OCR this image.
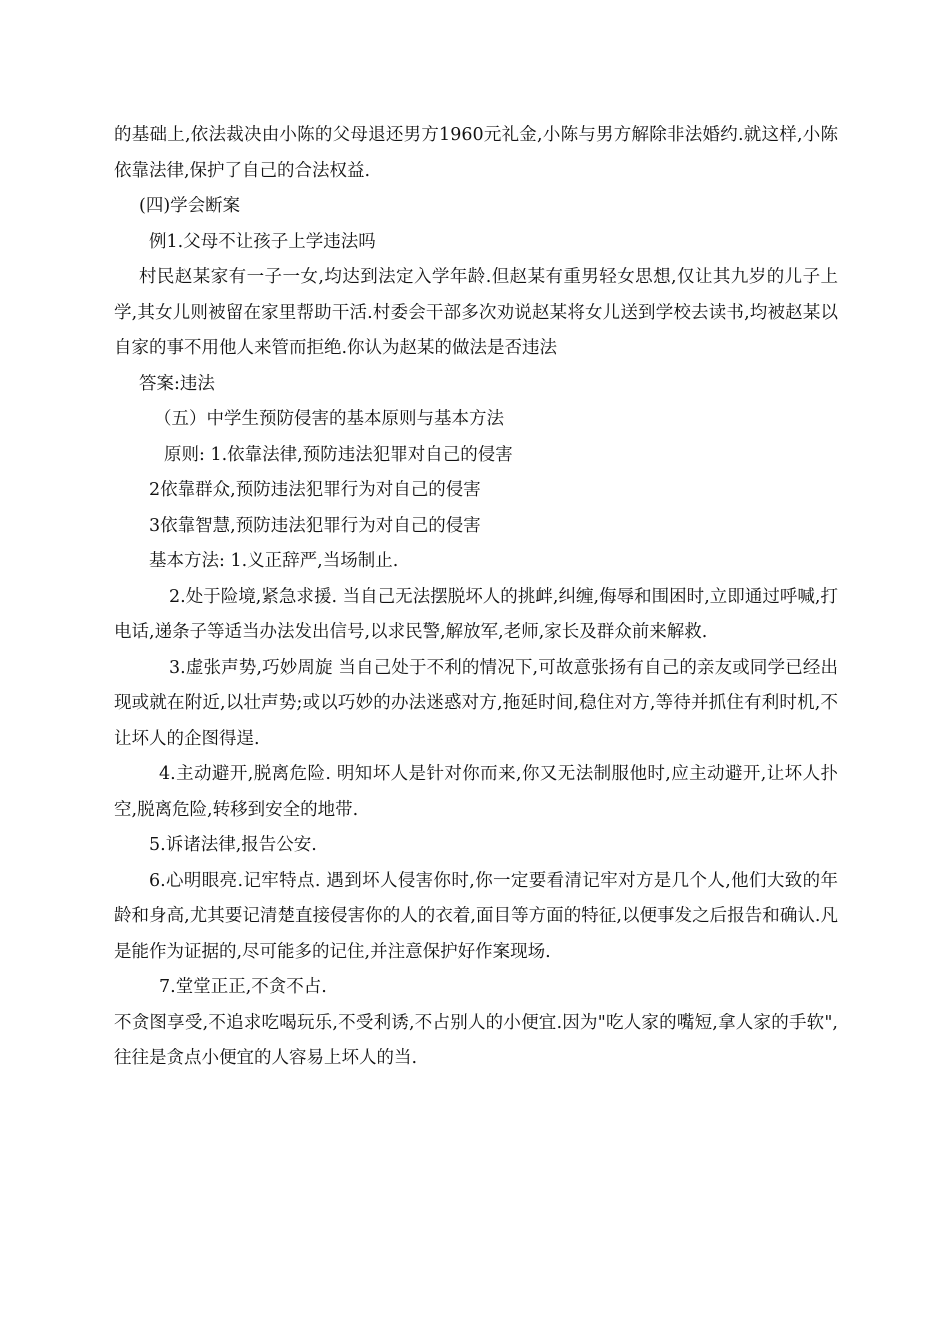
的基础上,依法裁决由小陈的父母退还男方1960元礼金,小陈与男方解除非法婚约.就这样,小陈依靠法律,保护了自己的合法权益.

(四)学会断案

例1.父母不让孩子上学违法吗

村民赵某家有一子一女,均达到法定入学年龄.但赵某有重男轻女思想,仅让其九岁的儿子上学,其女儿则被留在家里帮助干活.村委会干部多次劝说赵某将女儿送到学校去读书,均被赵某以自家的事不用他人来管而拒绝.你认为赵某的做法是否违法

答案:违法

（五）中学生预防侵害的基本原则与基本方法

原则: 1.依靠法律,预防违法犯罪对自己的侵害

2依靠群众,预防违法犯罪行为对自己的侵害

3依靠智慧,预防违法犯罪行为对自己的侵害

基本方法: 1.义正辞严,当场制止.

2.处于险境,紧急求援. 当自己无法摆脱坏人的挑衅,纠缠,侮辱和围困时,立即通过呼喊,打电话,递条子等适当办法发出信号,以求民警,解放军,老师,家长及群众前来解救.

3.虚张声势,巧妙周旋 当自己处于不利的情况下,可故意张扬有自己的亲友或同学已经出现或就在附近,以壮声势;或以巧妙的办法迷惑对方,拖延时间,稳住对方,等待并抓住有利时机,不让坏人的企图得逞.

4.主动避开,脱离危险. 明知坏人是针对你而来,你又无法制服他时,应主动避开,让坏人扑空,脱离危险,转移到安全的地带.

5.诉诸法律,报告公安.

6.心明眼亮.记牢特点. 遇到坏人侵害你时,你一定要看清记牢对方是几个人,他们大致的年龄和身高,尤其要记清楚直接侵害你的人的衣着,面目等方面的特征,以便事发之后报告和确认.凡是能作为证据的,尽可能多的记住,并注意保护好作案现场.

7.堂堂正正,不贪不占.

不贪图享受,不追求吃喝玩乐,不受利诱,不占别人的小便宜.因为"吃人家的嘴短,拿人家的手软",往往是贪点小便宜的人容易上坏人的当.
